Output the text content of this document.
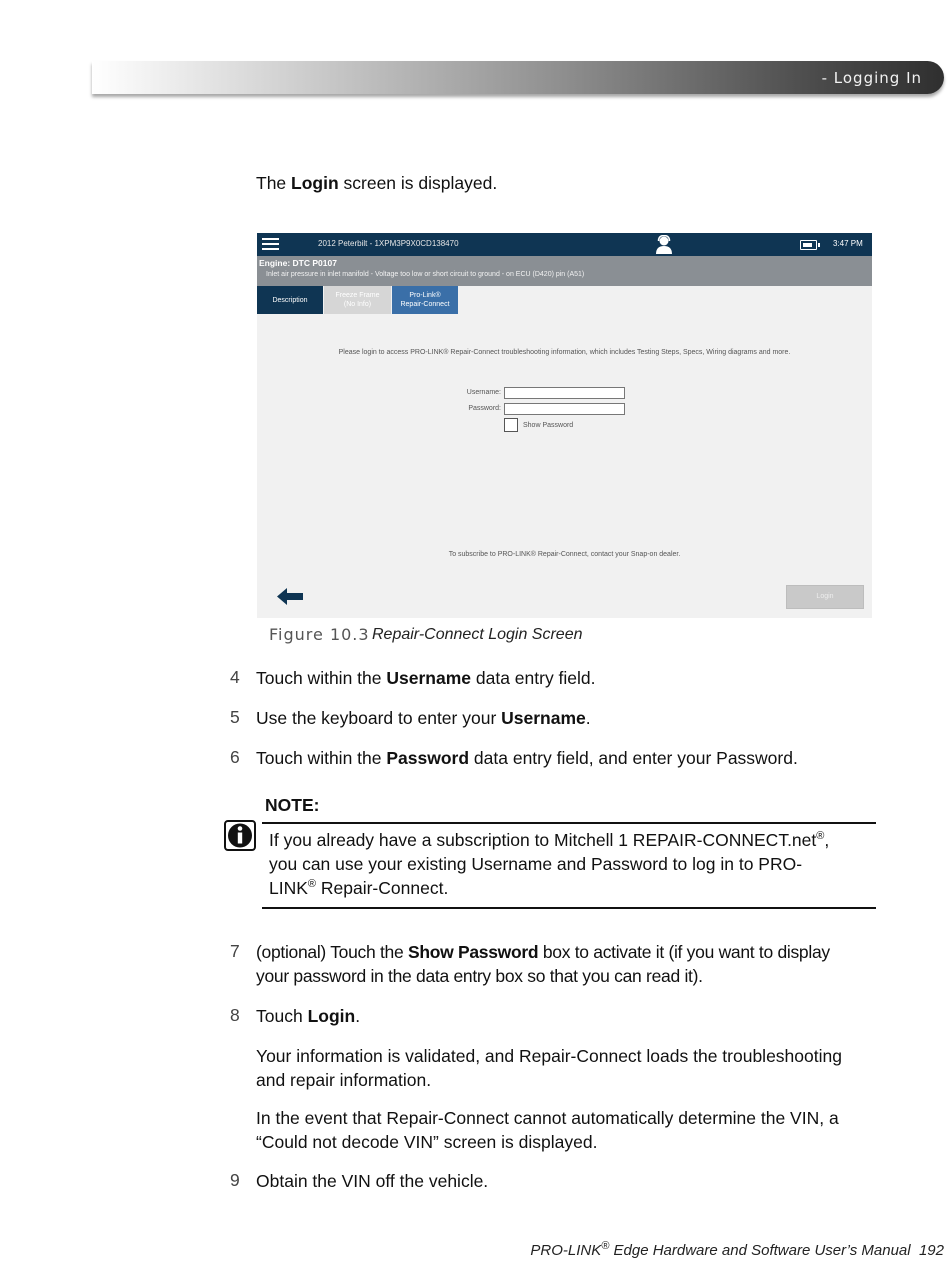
- Logging In
The Login screen is displayed.
2012 Peterbilt - 1XPM3P9X0CD138470	3:47 PM
Engine: DTC P0107
Inlet air pressure in inlet manifold - Voltage too low or short circuit to ground - on ECU (D420) pin (A51)
Description
Freeze Frame
(No Info)
Pro-Link®
Repair-Connect
Please login to access PRO-LINK® Repair-Connect troubleshooting information, which includes Testing Steps, Specs, Wiring diagrams and more.
Username:
Password:
Show Password
To subscribe to PRO-LINK® Repair-Connect, contact your Snap-on dealer.
Login
Figure 10.3 Repair-Connect Login Screen
4 Touch within the Username data entry field.
5 Use the keyboard to enter your Username.
6 Touch within the Password data entry field, and enter your Password.
NOTE:
If you already have a subscription to Mitchell 1 REPAIR-CONNECT.net®,
you can use your existing Username and Password to log in to PRO-
LINK® Repair-Connect.
7 (optional) Touch the Show Password box to activate it (if you want to display
your password in the data entry box so that you can read it).
8 Touch Login.
Your information is validated, and Repair-Connect loads the troubleshooting
and repair information.
In the event that Repair-Connect cannot automatically determine the VIN, a
“Could not decode VIN” screen is displayed.
9 Obtain the VIN off the vehicle.
PRO-LINK® Edge Hardware and Software User’s Manual 192
